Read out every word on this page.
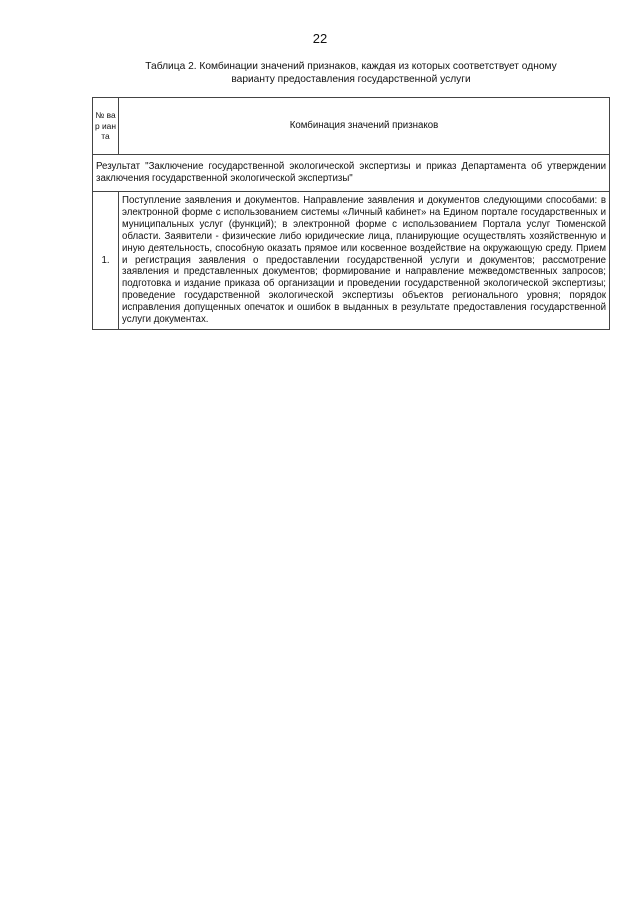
22
Таблица 2. Комбинации значений признаков, каждая из которых соответствует одному
варианту предоставления государственной услуги
№ вар иан та	Комбинация значений признаков
Результат "Заключение государственной экологической экспертизы и приказ Департамента об утверждении заключения государственной экологической экспертизы"	
1.	Поступление заявления и документов. Направление заявления и документов следующими способами: в электронной форме с использованием системы «Личный кабинет» на Едином портале государственных и муниципальных услуг (функций); в электронной форме с использованием Портала услуг Тюменской области. Заявители - физические либо юридические лица, планирующие осуществлять хозяйственную и иную деятельность, способную оказать прямое или косвенное воздействие на окружающую среду. Прием и регистрация заявления о предоставлении государственной услуги и документов; рассмотрение заявления и представленных документов; формирование и направление межведомственных запросов; подготовка и издание приказа об организации и проведении государственной экологической экспертизы; проведение государственной экологической экспертизы объектов регионального уровня; порядок исправления допущенных опечаток и ошибок в выданных в результате предоставления государственной услуги документах.
